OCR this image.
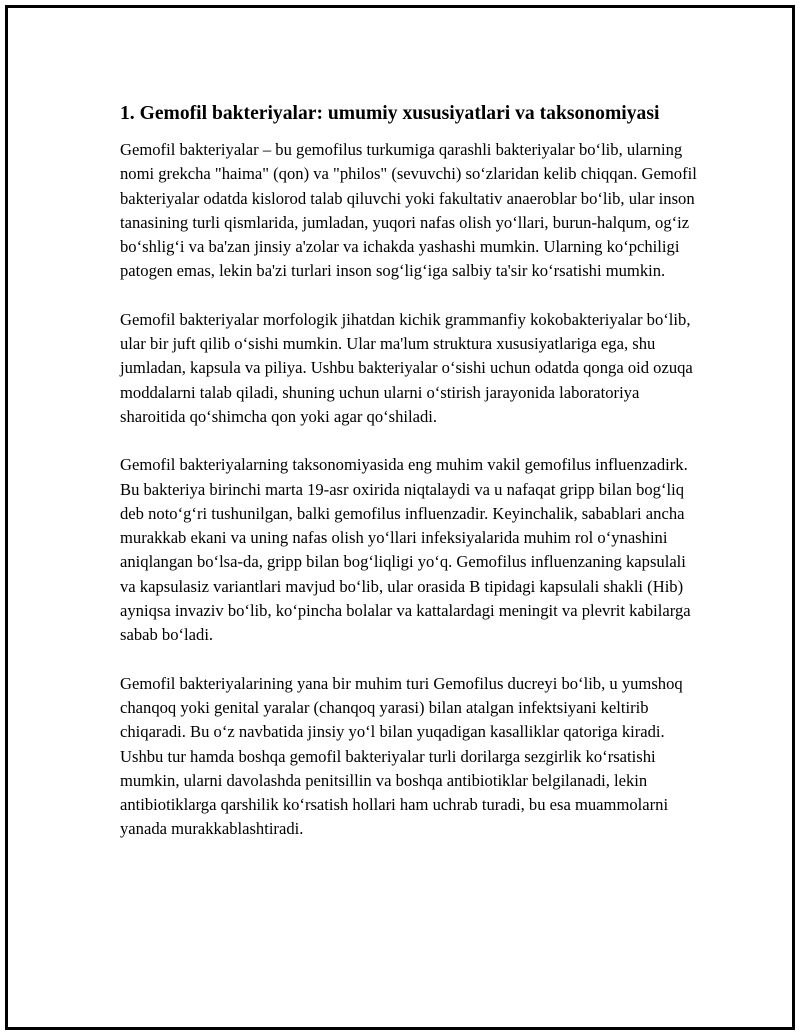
1. Gemofil bakteriyalar: umumiy xususiyatlari va taksonomiyasi

Gemofil bakteriyalar – bu gemofilus turkumiga qarashli bakteriyalar bo‘lib, ularning nomi grekcha "haima" (qon) va "philos" (sevuvchi) so‘zlaridan kelib chiqqan. Gemofil bakteriyalar odatda kislorod talab qiluvchi yoki fakultativ anaeroblar bo‘lib, ular inson tanasining turli qismlarida, jumladan, yuqori nafas olish yo‘llari, burun-halqum, og‘iz bo‘shlig‘i va ba'zan jinsiy a'zolar va ichakda yashashi mumkin. Ularning ko‘pchiligi patogen emas, lekin ba'zi turlari inson sog‘lig‘iga salbiy ta'sir ko‘rsatishi mumkin.

Gemofil bakteriyalar morfologik jihatdan kichik grammanfiy kokobakteriyalar bo‘lib, ular bir juft qilib o‘sishi mumkin. Ular ma'lum struktura xususiyatlariga ega, shu jumladan, kapsula va piliya. Ushbu bakteriyalar o‘sishi uchun odatda qonga oid ozuqa moddalarni talab qiladi, shuning uchun ularni o‘stirish jarayonida laboratoriya sharoitida qo‘shimcha qon yoki agar qo‘shiladi.

Gemofil bakteriyalarning taksonomiyasida eng muhim vakil gemofilus influenzadirk. Bu bakteriya birinchi marta 19-asr oxirida niqtalaydi va u nafaqat gripp bilan bog‘liq deb noto‘g‘ri tushunilgan, balki gemofilus influenzadir. Keyinchalik, sabablari ancha murakkab ekani va uning nafas olish yo‘llari infeksiyalarida muhim rol o‘ynashini aniqlangan bo‘lsa-da, gripp bilan bog‘liqligi yo‘q. Gemofilus influenzaning kapsulali va kapsulasiz variantlari mavjud bo‘lib, ular orasida B tipidagi kapsulali shakli (Hib) ayniqsa invaziv bo‘lib, ko‘pincha bolalar va kattalardagi meningit va plevrit kabilarga sabab bo‘ladi.

Gemofil bakteriyalarining yana bir muhim turi Gemofilus ducreyi bo‘lib, u yumshoq chanqoq yoki genital yaralar (chanqoq yarasi) bilan atalgan infektsiyani keltirib chiqaradi. Bu o‘z navbatida jinsiy yo‘l bilan yuqadigan kasalliklar qatoriga kiradi. Ushbu tur hamda boshqa gemofil bakteriyalar turli dorilarga sezgirlik ko‘rsatishi mumkin, ularni davolashda penitsillin va boshqa antibiotiklar belgilanadi, lekin antibiotiklarga qarshilik ko‘rsatish hollari ham uchrab turadi, bu esa muammolarni yanada murakkablashtiradi.
